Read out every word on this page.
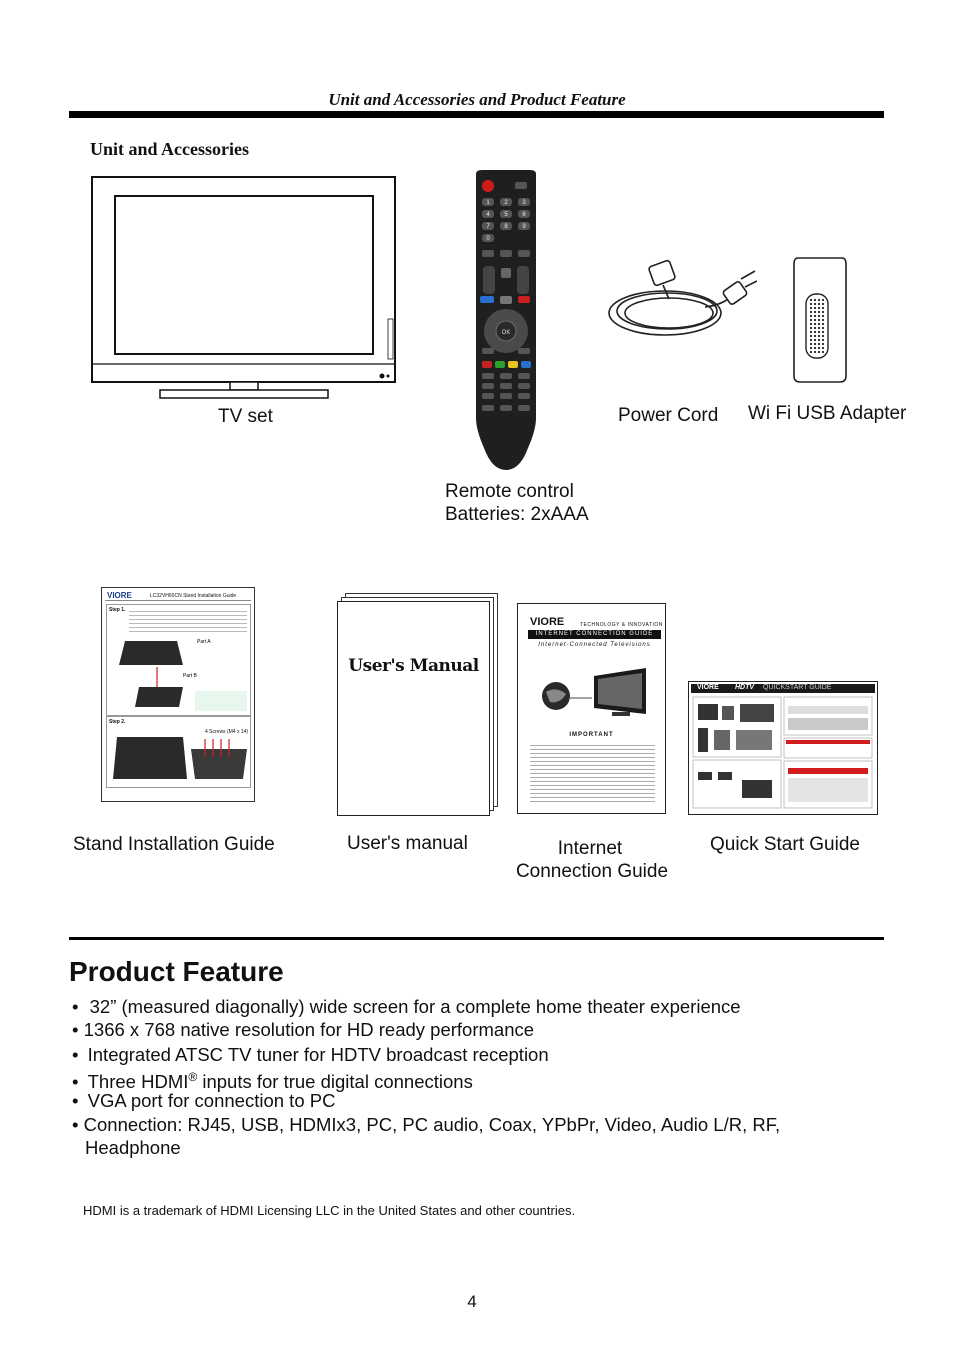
Unit and Accessories and Product Feature
Unit and Accessories
TV set
1 2 3
4 5 6
7 8 9
0
OK
Remote control
Batteries: 2xAAA
Power Cord Wi Fi USB Adapter
VIORE	LC32VH60CN Stand Installation Guide
Step 1.
Part A
Part B
Step 2.
4 Screws (M4 x 14)
Stand Installation Guide
User's Manual
User's manual
VIORE	TECHNOLOGY & INNOVATION
INTERNET CONNECTION GUIDE
Internet-Connected Televisions
IMPORTANT
Internet
Connection Guide
VIORE HDTV QUICKSTART GUIDE
Quick Start Guide
Product Feature
• 32” (measured diagonally) wide screen for a complete home theater experience
• 1366 x 768 native resolution for HD ready performance
• Integrated ATSC TV tuner for HDTV broadcast reception
• Three HDMI® inputs for true digital connections
• VGA port for connection to PC
• Connection: RJ45, USB, HDMIx3, PC, PC audio, Coax, YPbPr, Video, Audio L/R, RF,
Headphone
HDMI is a trademark of HDMI Licensing LLC in the United States and other countries.
4
